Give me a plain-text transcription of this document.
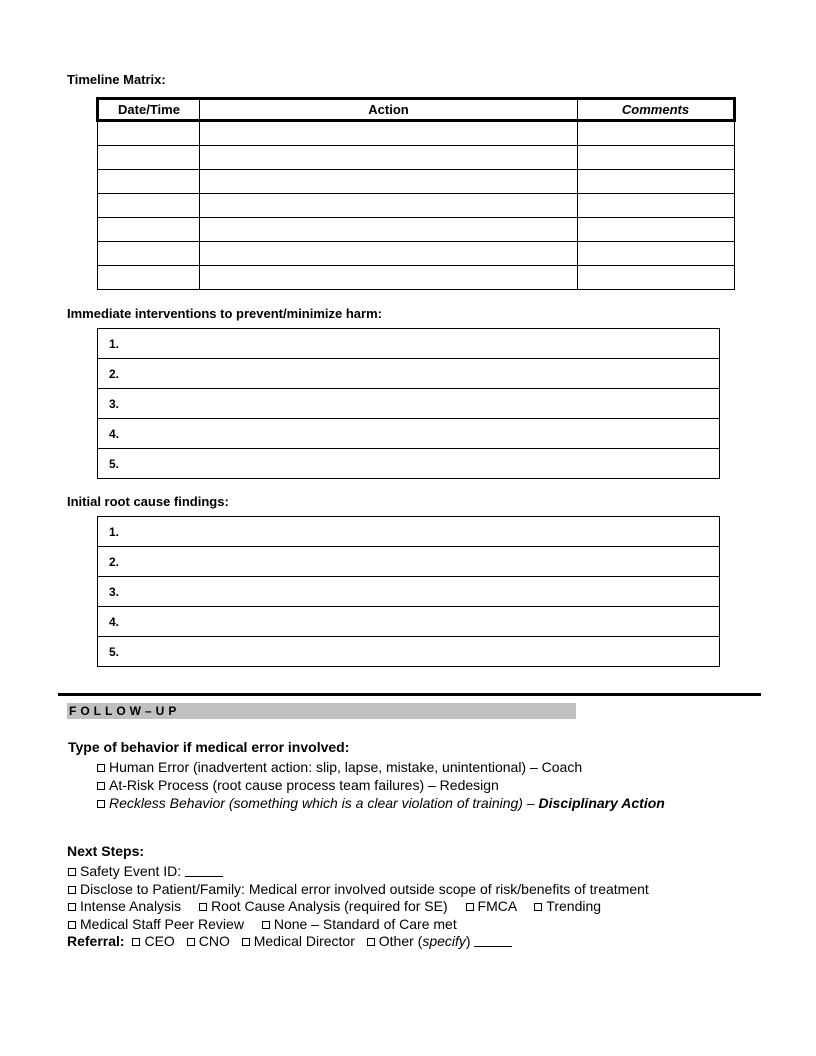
Timeline Matrix:
Date/Time	Action	Comments

Immediate interventions to prevent/minimize harm:
1.
2.
3.
4.
5.
Initial root cause findings:
1.
2.
3.
4.
5.
FOLLOW–UP
Type of behavior if medical error involved:
Human Error (inadvertent action: slip, lapse, mistake, unintentional) – Coach
At-Risk Process (root cause process team failures) – Redesign
Reckless Behavior (something which is a clear violation of training) – Disciplinary Action
Next Steps:
Safety Event ID:
Disclose to Patient/Family: Medical error involved outside scope of risk/benefits of treatment
Intense Analysis Root Cause Analysis (required for SE) FMCA Trending
Medical Staff Peer Review None – Standard of Care met
Referral: CEO CNO Medical Director Other (specify)
